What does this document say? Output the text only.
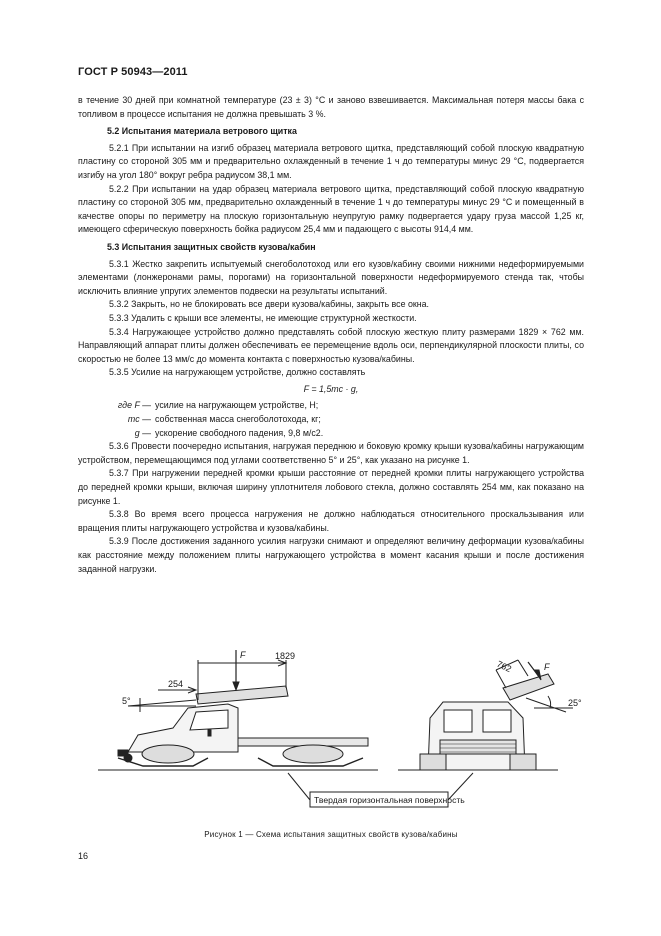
ГОСТ Р 50943—2011

в течение 30 дней при комнатной температуре (23 ± 3) °С и заново взвешивается. Максимальная потеря массы бака с топливом в процессе испытания не должна превышать 3 %.

5.2 Испытания материала ветрового щитка

5.2.1 При испытании на изгиб образец материала ветрового щитка, представляющий собой плоскую квадратную пластину со стороной 305 мм и предварительно охлажденный в течение 1 ч до температуры минус 29 °С, подвергается изгибу на угол 180° вокруг ребра радиусом 38,1 мм.

5.2.2 При испытании на удар образец материала ветрового щитка, представляющий собой плоскую квадратную пластину со стороной 305 мм, предварительно охлажденный в течение 1 ч до температуры минус 29 °С и помещенный в качестве опоры по периметру на плоскую горизонтальную неупругую рамку подвергается удару груза массой 1,25 кг, имеющего сферическую поверхность бойка радиусом 25,4 мм и падающего с высоты 914,4 мм.

5.3 Испытания защитных свойств кузова/кабин

5.3.1 Жестко закрепить испытуемый снегоболотоход или его кузов/кабину своими нижними недеформируемыми элементами (лонжеронами рамы, порогами) на горизонтальной поверхности недеформируемого стенда так, чтобы исключить влияние упругих элементов подвески на результаты испытаний.

5.3.2 Закрыть, но не блокировать все двери кузова/кабины, закрыть все окна.

5.3.3 Удалить с крыши все элементы, не имеющие структурной жесткости.

5.3.4 Нагружающее устройство должно представлять собой плоскую жесткую плиту размерами 1829 × 762 мм. Направляющий аппарат плиты должен обеспечивать ее перемещение вдоль оси, перпендикулярной плоскости плиты, со скоростью не более 13 мм/с до момента контакта с поверхностью кузова/кабины.

5.3.5 Усилие на нагружающем устройстве, должно составлять

F = 1,5mc · g,
где F — усилие на нагружающем устройстве, Н;
mc — собственная масса снегоболотохода, кг;
g — ускорение свободного падения, 9,8 м/с2.

5.3.6 Провести поочередно испытания, нагружая переднюю и боковую кромку крыши кузова/кабины нагружающим устройством, перемещающимся под углами соответственно 5° и 25°, как указано на рисунке 1.

5.3.7 При нагружении передней кромки крыши расстояние от передней кромки плиты нагружающего устройства до передней кромки крыши, включая ширину уплотнителя лобового стекла, должно составлять 254 мм, как показано на рисунке 1.

5.3.8 Во время всего процесса нагружения не должно наблюдаться относительного проскальзывания или вращения плиты нагружающего устройства и кузова/кабины.

5.3.9 После достижения заданного усилия нагрузки снимают и определяют величину деформации кузова/кабины как расстояние между положением плиты нагружающего устройства в момент касания крыши и после достижения заданной нагрузки.

F	1829
254
5°
F
762
25°
Твердая горизонтальная поверхность
Рисунок 1 — Схема испытания защитных свойств кузова/кабины
16
